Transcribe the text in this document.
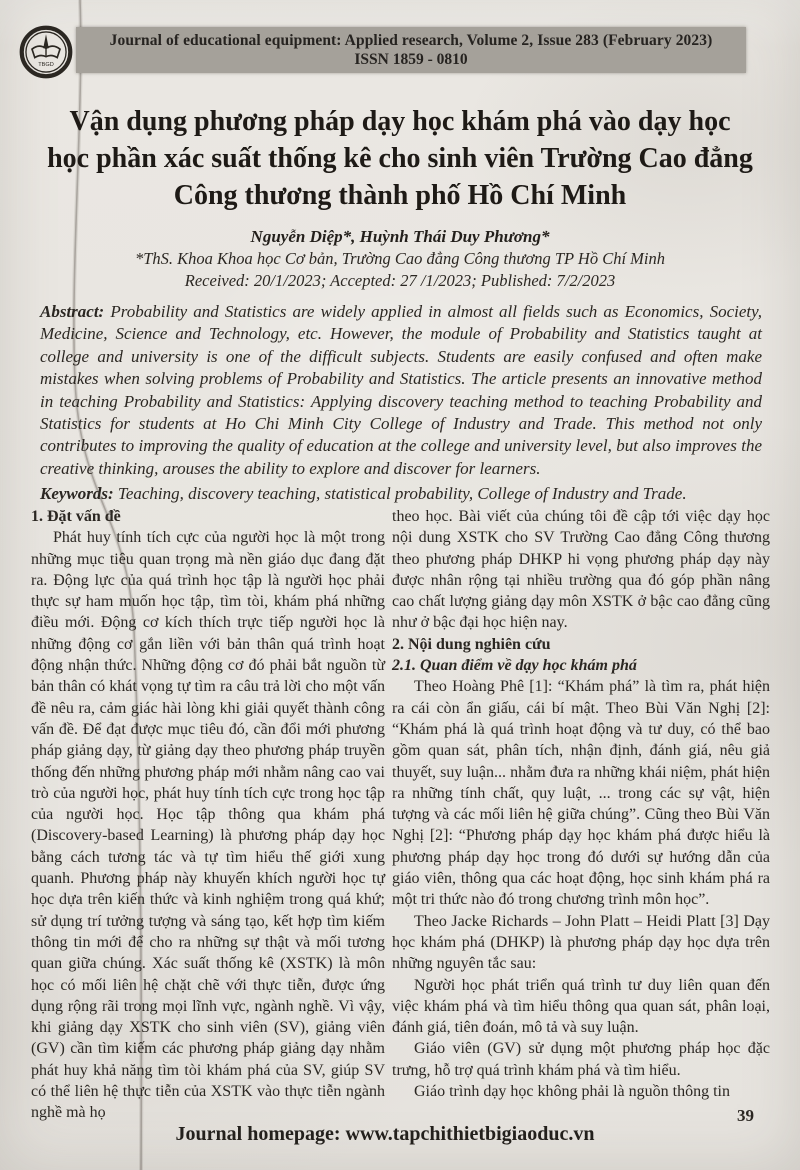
TBGD
Journal of educational equipment: Applied research, Volume 2, Issue 283 (February 2023)
ISSN 1859 - 0810
Vận dụng phương pháp dạy học khám phá vào dạy học
học phần xác suất thống kê cho sinh viên Trường Cao đẳng
Công thương thành phố Hồ Chí Minh
Nguyễn Diệp*, Huỳnh Thái Duy Phương*
*ThS. Khoa Khoa học Cơ bản, Trường Cao đẳng Công thương TP Hồ Chí Minh
Received: 20/1/2023; Accepted: 27 /1/2023; Published: 7/2/2023

Abstract: Probability and Statistics are widely applied in almost all fields such as Economics, Society, Medicine, Science and Technology, etc. However, the module of Probability and Statistics taught at college and university is one of the difficult subjects. Students are easily confused and often make mistakes when solving problems of Probability and Statistics. The article presents an innovative method in teaching Probability and Statistics: Applying discovery teaching method to teaching Probability and Statistics for students at Ho Chi Minh City College of Industry and Trade. This method not only contributes to improving the quality of education at the college and university level, but also improves the creative thinking, arouses the ability to explore and discover for learners.

Keywords: Teaching, discovery teaching, statistical probability, College of Industry and Trade.

1. Đặt vấn đề

Phát huy tính tích cực của người học là một trong những mục tiêu quan trọng mà nền giáo dục đang đặt ra. Động lực của quá trình học tập là người học phải thực sự ham muốn học tập, tìm tòi, khám phá những điều mới. Động cơ kích thích trực tiếp người học là những động cơ gắn liền với bản thân quá trình hoạt động nhận thức. Những động cơ đó phải bắt nguồn từ bản thân có khát vọng tự tìm ra câu trả lời cho một vấn đề nêu ra, cảm giác hài lòng khi giải quyết thành công vấn đề. Để đạt được mục tiêu đó, cần đổi mới phương pháp giảng dạy, từ giảng dạy theo phương pháp truyền thống đến những phương pháp mới nhằm nâng cao vai trò của người học, phát huy tính tích cực trong học tập của người học. Học tập thông qua khám phá (Discovery-based Learning) là phương pháp dạy học bằng cách tương tác và tự tìm hiểu thế giới xung quanh. Phương pháp này khuyến khích người học tự học dựa trên kiến thức và kinh nghiệm trong quá khứ; sử dụng trí tưởng tượng và sáng tạo, kết hợp tìm kiếm thông tin mới để cho ra những sự thật và mối tương quan giữa chúng. Xác suất thống kê (XSTK) là môn học có mối liên hệ chặt chẽ với thực tiễn, được ứng dụng rộng rãi trong mọi lĩnh vực, ngành nghề. Vì vậy, khi giảng dạy XSTK cho sinh viên (SV), giảng viên (GV) cần tìm kiếm các phương pháp giảng dạy nhằm phát huy khả năng tìm tòi khám phá của SV, giúp SV có thể liên hệ thực tiễn của XSTK vào thực tiễn ngành nghề mà họ

theo học. Bài viết của chúng tôi đề cập tới việc dạy học nội dung XSTK cho SV Trường Cao đẳng Công thương theo phương pháp DHKP hi vọng phương pháp dạy này được nhân rộng tại nhiều trường qua đó góp phần nâng cao chất lượng giảng dạy môn XSTK ở bậc cao đẳng cũng như ở bậc đại học hiện nay.

2. Nội dung nghiên cứu
2.1. Quan điểm về dạy học khám phá

Theo Hoàng Phê [1]: “Khám phá” là tìm ra, phát hiện ra cái còn ẩn giấu, cái bí mật. Theo Bùi Văn Nghị [2]: “Khám phá là quá trình hoạt động và tư duy, có thể bao gồm quan sát, phân tích, nhận định, đánh giá, nêu giả thuyết, suy luận... nhằm đưa ra những khái niệm, phát hiện ra những tính chất, quy luật, ... trong các sự vật, hiện tượng và các mối liên hệ giữa chúng”. Cũng theo Bùi Văn Nghị [2]: “Phương pháp dạy học khám phá được hiểu là phương pháp dạy học trong đó dưới sự hướng dẫn của giáo viên, thông qua các hoạt động, học sinh khám phá ra một tri thức nào đó trong chương trình môn học”.

Theo Jacke Richards – John Platt – Heidi Platt [3] Dạy học khám phá (DHKP) là phương pháp dạy học dựa trên những nguyên tắc sau:

Người học phát triển quá trình tư duy liên quan đến việc khám phá và tìm hiểu thông qua quan sát, phân loại, đánh giá, tiên đoán, mô tả và suy luận.

Giáo viên (GV) sử dụng một phương pháp học đặc trưng, hỗ trợ quá trình khám phá và tìm hiểu.

Giáo trình dạy học không phải là nguồn thông tin

Journal homepage: www.tapchithietbigiaoduc.vn
39
